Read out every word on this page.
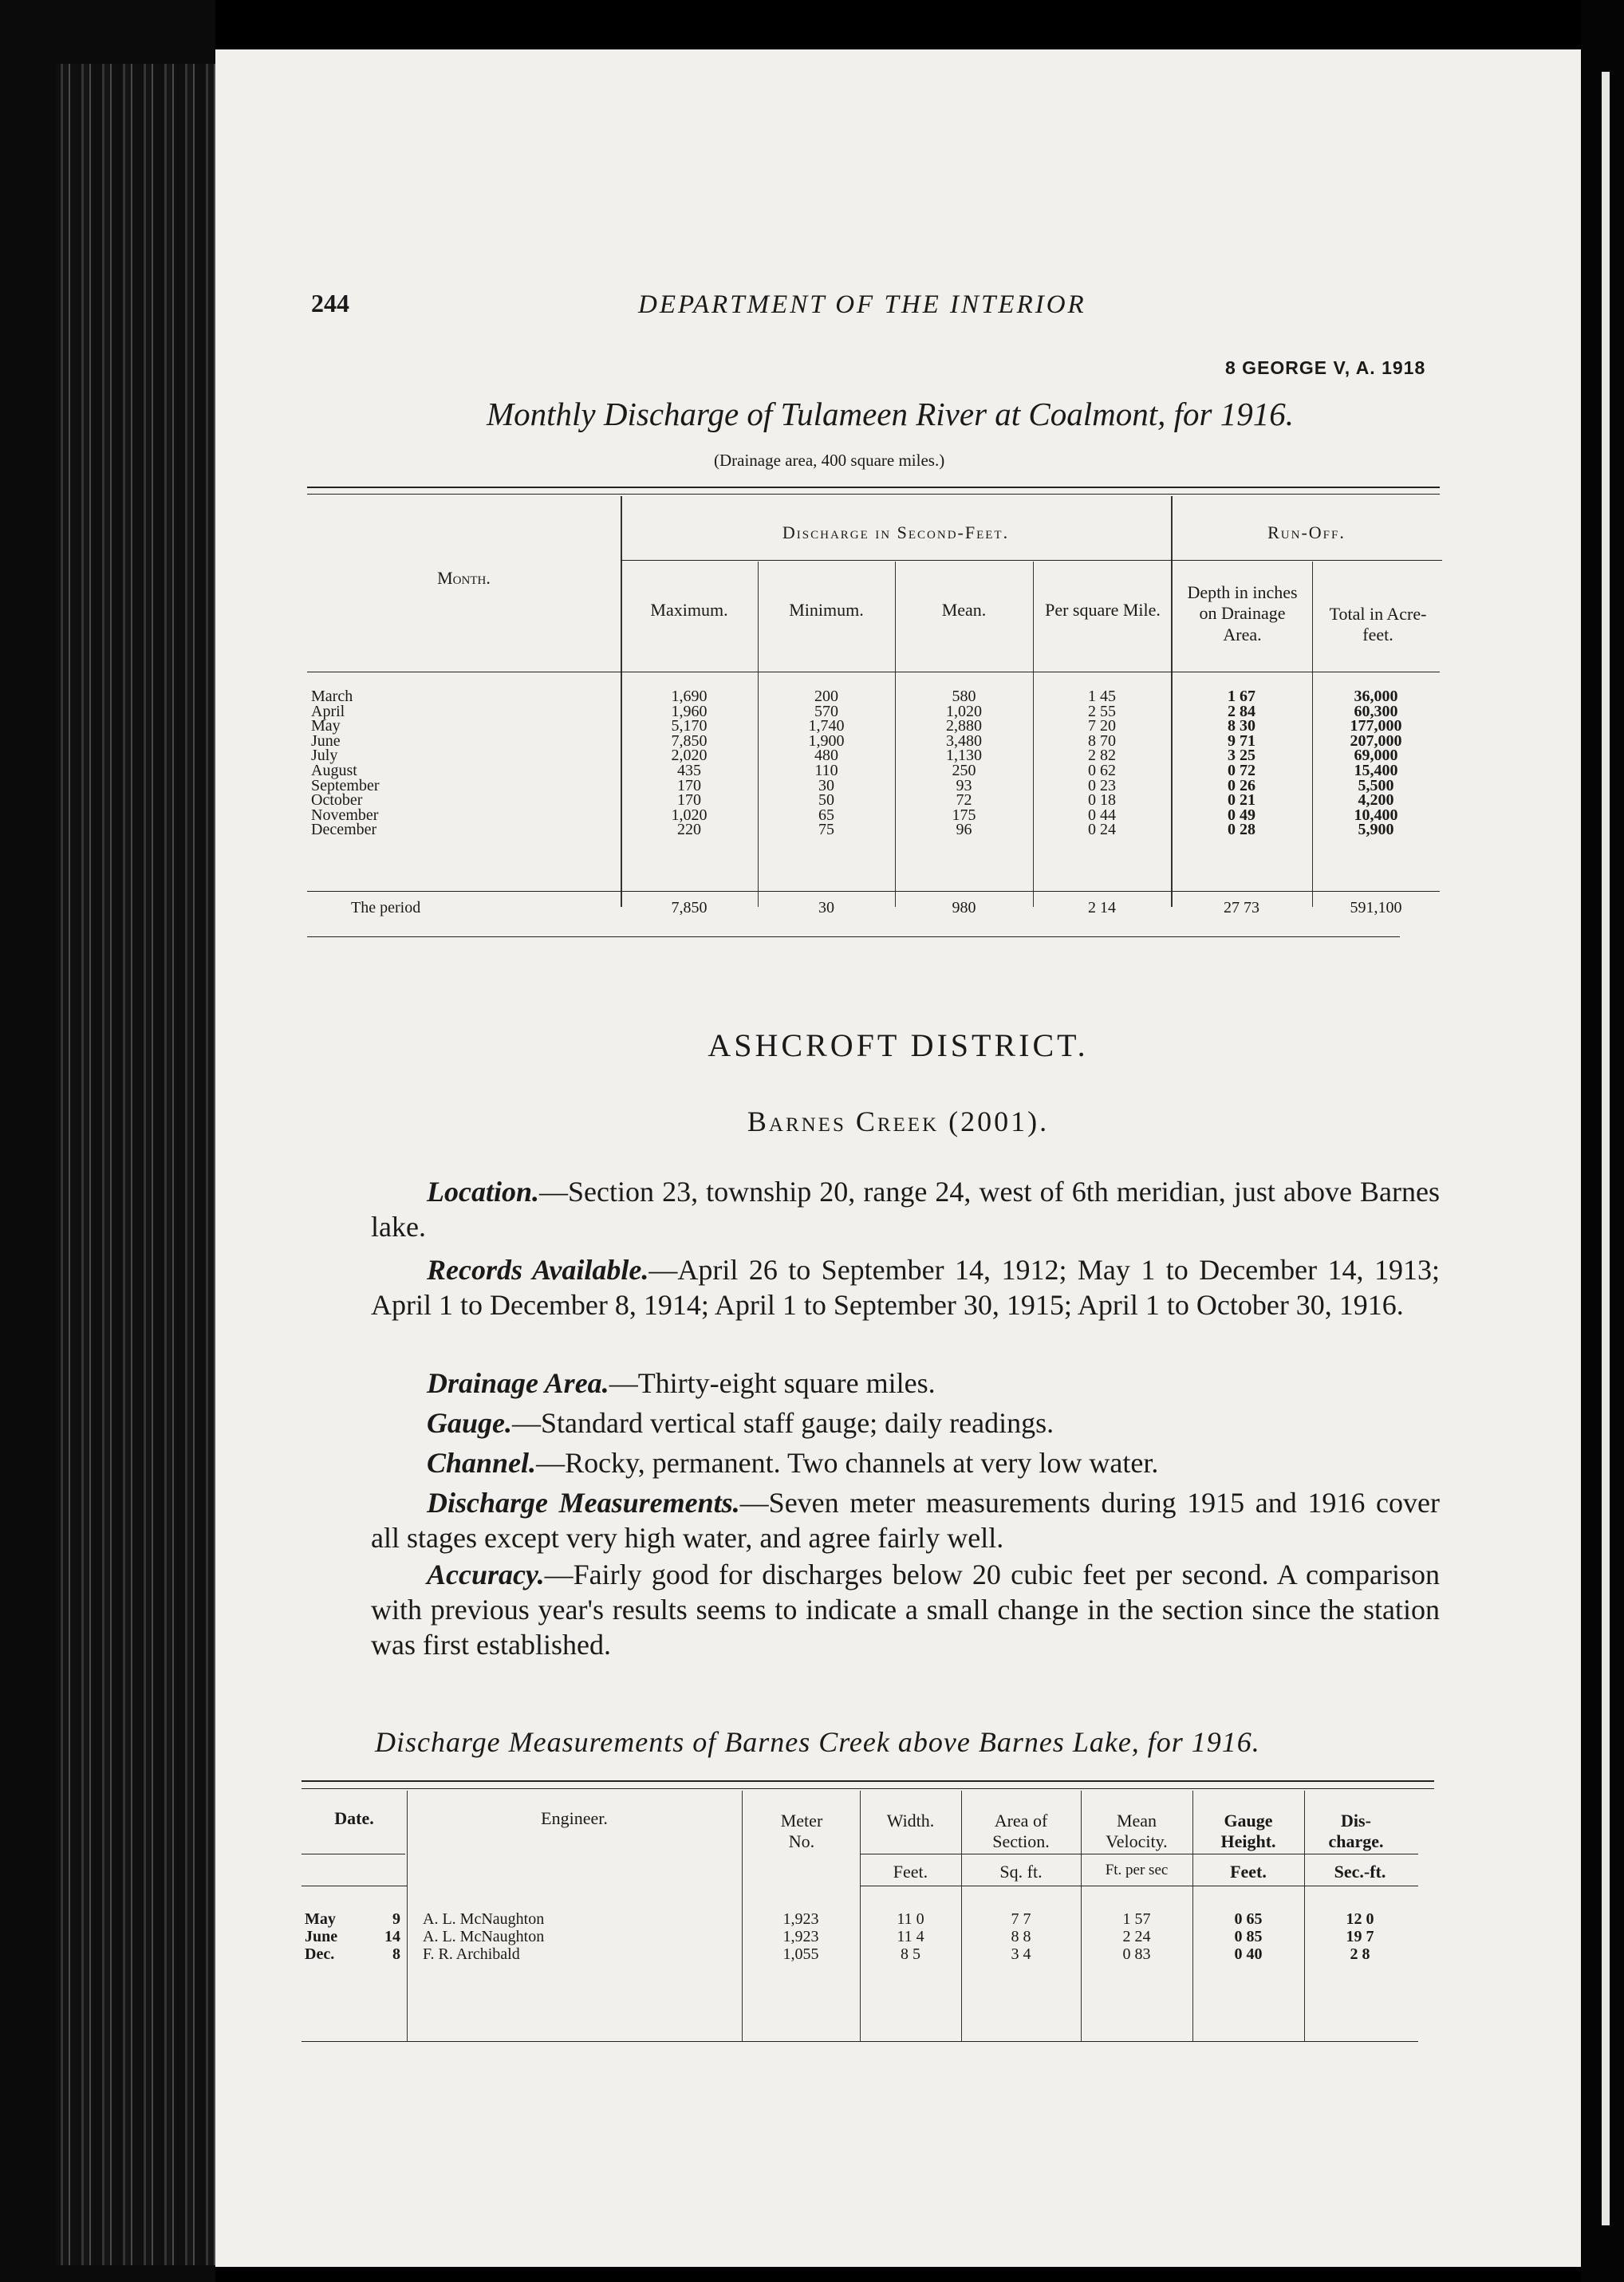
244	DEPARTMENT OF THE INTERIOR
8 GEORGE V, A. 1918
Monthly Discharge of Tulameen River at Coalmont, for 1916.
(Drainage area, 400 square miles.)
Month.
Discharge in Second-Feet.	Run-Off.
Maximum.	Minimum.	Mean.	Per square Mile.
Depth in inches on Drainage Area.
Total in Acre-feet.
March	1,690	200	580	1 45	1 67	36,000
April	1,960	570	1,020	2 55	2 84	60,300
May	5,170	1,740	2,880	7 20	8 30	177,000
June	7,850	1,900	3,480	8 70	9 71	207,000
July	2,020	480	1,130	2 82	3 25	69,000
August	435	110	250	0 62	0 72	15,400
September	170	30	93	0 23	0 26	5,500
October	170	50	72	0 18	0 21	4,200
November	1,020	65	175	0 44	0 49	10,400
December	220	75	96	0 24	0 28	5,900
The period	7,850	30	980	2 14	27 73	591,100
ASHCROFT DISTRICT.
Barnes Creek (2001).
Location.—Section 23, township 20, range 24, west of 6th meridian, just above Barnes lake.
Records Available.—April 26 to September 14, 1912; May 1 to December 14, 1913; April 1 to December 8, 1914; April 1 to September 30, 1915; April 1 to October 30, 1916.
Drainage Area.—Thirty-eight square miles.
Gauge.—Standard vertical staff gauge; daily readings.
Channel.—Rocky, permanent. Two channels at very low water.
Discharge Measurements.—Seven meter measurements during 1915 and 1916 cover all stages except very high water, and agree fairly well.
Accuracy.—Fairly good for discharges below 20 cubic feet per second. A comparison with previous year's results seems to indicate a small change in the section since the station was first established.
Discharge Measurements of Barnes Creek above Barnes Lake, for 1916.
Date.	Engineer.	Meter No.
Width.	Area of Section.
Mean Velocity.
Gauge Height.
Dis-charge.
Feet.	Sq. ft.	Ft. per sec	Feet.	Sec.-ft.
May	9 A. L. McNaughton	1,923	11 0	7 7	1 57	0 65	12 0
June	14 A. L. McNaughton	1,923	11 4	8 8	2 24	0 85	19 7
Dec.	8 F. R. Archibald	1,055	8 5	3 4	0 83	0 40	2 8
